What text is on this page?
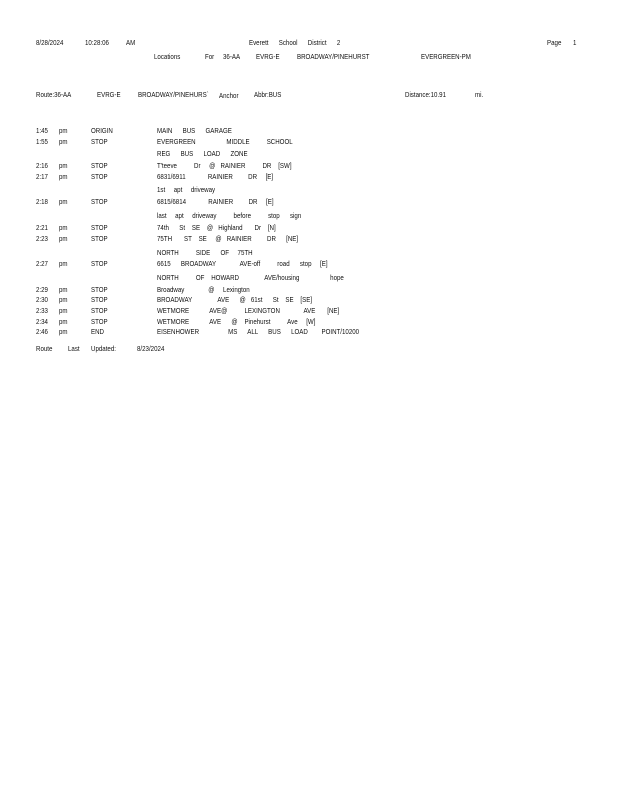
8/28/2024	10:28:06 AM	Everett      School      District      2	Page 1
Locations	For 36-AA EVRG-E BROADWAY/PINEHURST	EVERGREEN-PM
Route:36-AA	EVRG-E BROADWAY/PINEHURS` Anchor Abbr:BUS	Distance:10.91	mi.
1:45 pm	ORIGIN	MAIN      BUS      GARAGE
1:55 pm	STOP	EVERGREEN                  MIDDLE          SCHOOL
REG      BUS      LOAD      ZONE
2:16 pm	STOP	T'teeve          Dr     @   RAINIER          DR    [SW]
2:17 pm	STOP	6831/6911             RAINIER         DR     [E]
1st     apt     driveway
2:18 pm	STOP	6815/6814             RAINIER         DR     [E]
last     apt     driveway          before          stop      sign
2:21 pm	STOP	74th      St    SE    @   Highland       Dr    [N]
2:23 pm	STOP	75TH       ST    SE     @   RAINIER         DR      [NE]
NORTH          SIDE      OF     75TH
2:27 pm	STOP	6615      BROADWAY              AVE-off          road      stop     [E]
NORTH          OF    HOWARD               AVE/housing                  hope
2:29 pm	STOP	Broadway              @     Lexington
2:30 pm	STOP	BROADWAY               AVE      @   61st      St    SE    [SE]
2:33 pm	STOP	WETMORE            AVE@          LEXINGTON              AVE       [NE]
2:34 pm	STOP	WETMORE            AVE      @    Pinehurst          Ave     [W]
2:46 pm	END	EISENHOWER                 MS      ALL      BUS      LOAD        POINT/10200
Route Last Updated:	8/23/2024
